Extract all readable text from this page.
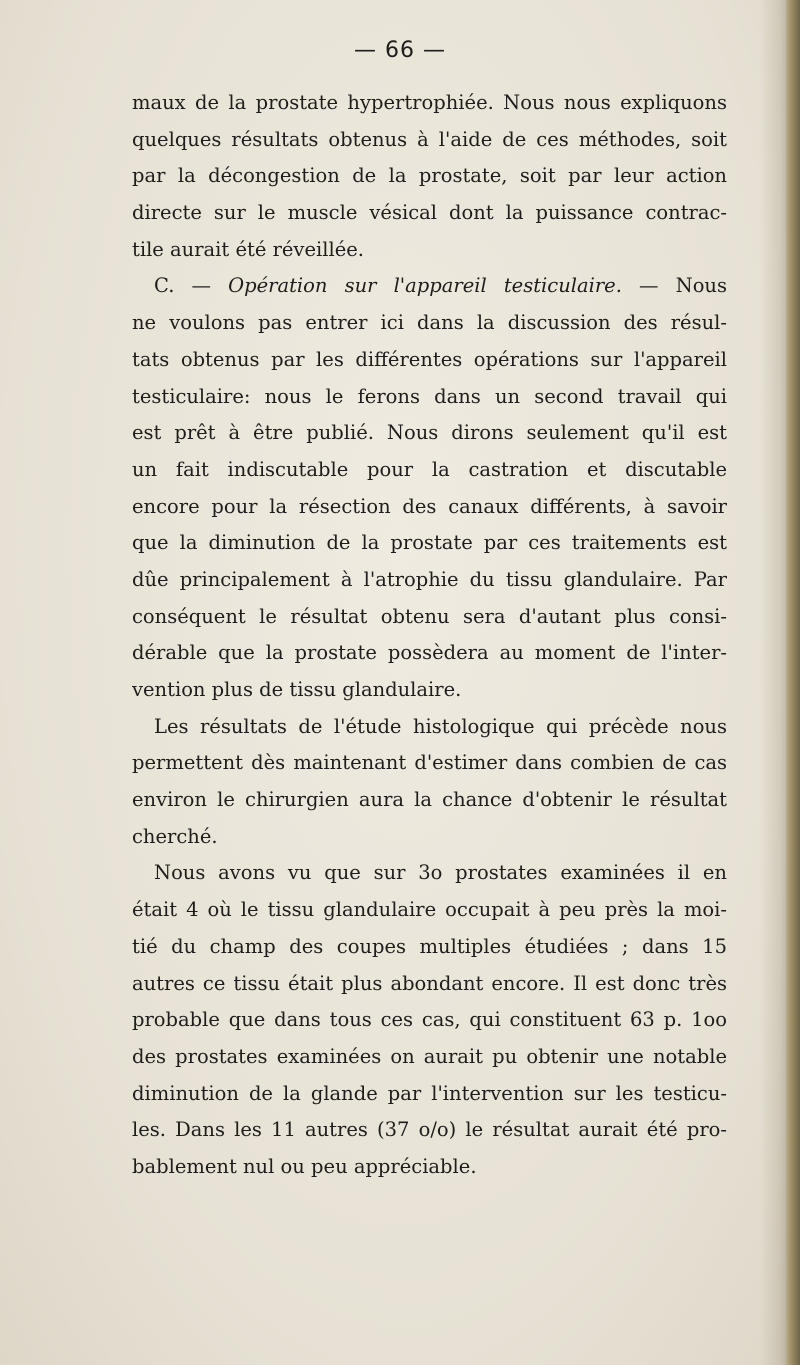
— 66 —
maux de la prostate hypertrophiée. Nous nous expliquons
quelques résultats obtenus à l'aide de ces méthodes, soit
par la décongestion de la prostate, soit par leur action
directe sur le muscle vésical dont la puissance contrac-
tile aurait été réveillée.
C. — Opération sur l'appareil testiculaire. — Nous
ne voulons pas entrer ici dans la discussion des résul-
tats obtenus par les différentes opérations sur l'appareil
testiculaire: nous le ferons dans un second travail qui
est prêt à être publié. Nous dirons seulement qu'il est
un fait indiscutable pour la castration et discutable
encore pour la résection des canaux différents, à savoir
que la diminution de la prostate par ces traitements est
dûe principalement à l'atrophie du tissu glandulaire. Par
conséquent le résultat obtenu sera d'autant plus consi-
dérable que la prostate possèdera au moment de l'inter-
vention plus de tissu glandulaire.
Les résultats de l'étude histologique qui précède nous
permettent dès maintenant d'estimer dans combien de cas
environ le chirurgien aura la chance d'obtenir le résultat
cherché.
Nous avons vu que sur 3o prostates examinées il en
était 4 où le tissu glandulaire occupait à peu près la moi-
tié du champ des coupes multiples étudiées ; dans 15
autres ce tissu était plus abondant encore. Il est donc très
probable que dans tous ces cas, qui constituent 63 p. 1oo
des prostates examinées on aurait pu obtenir une notable
diminution de la glande par l'intervention sur les testicu-
les. Dans les 11 autres (37 o/o) le résultat aurait été pro-
bablement nul ou peu appréciable.
